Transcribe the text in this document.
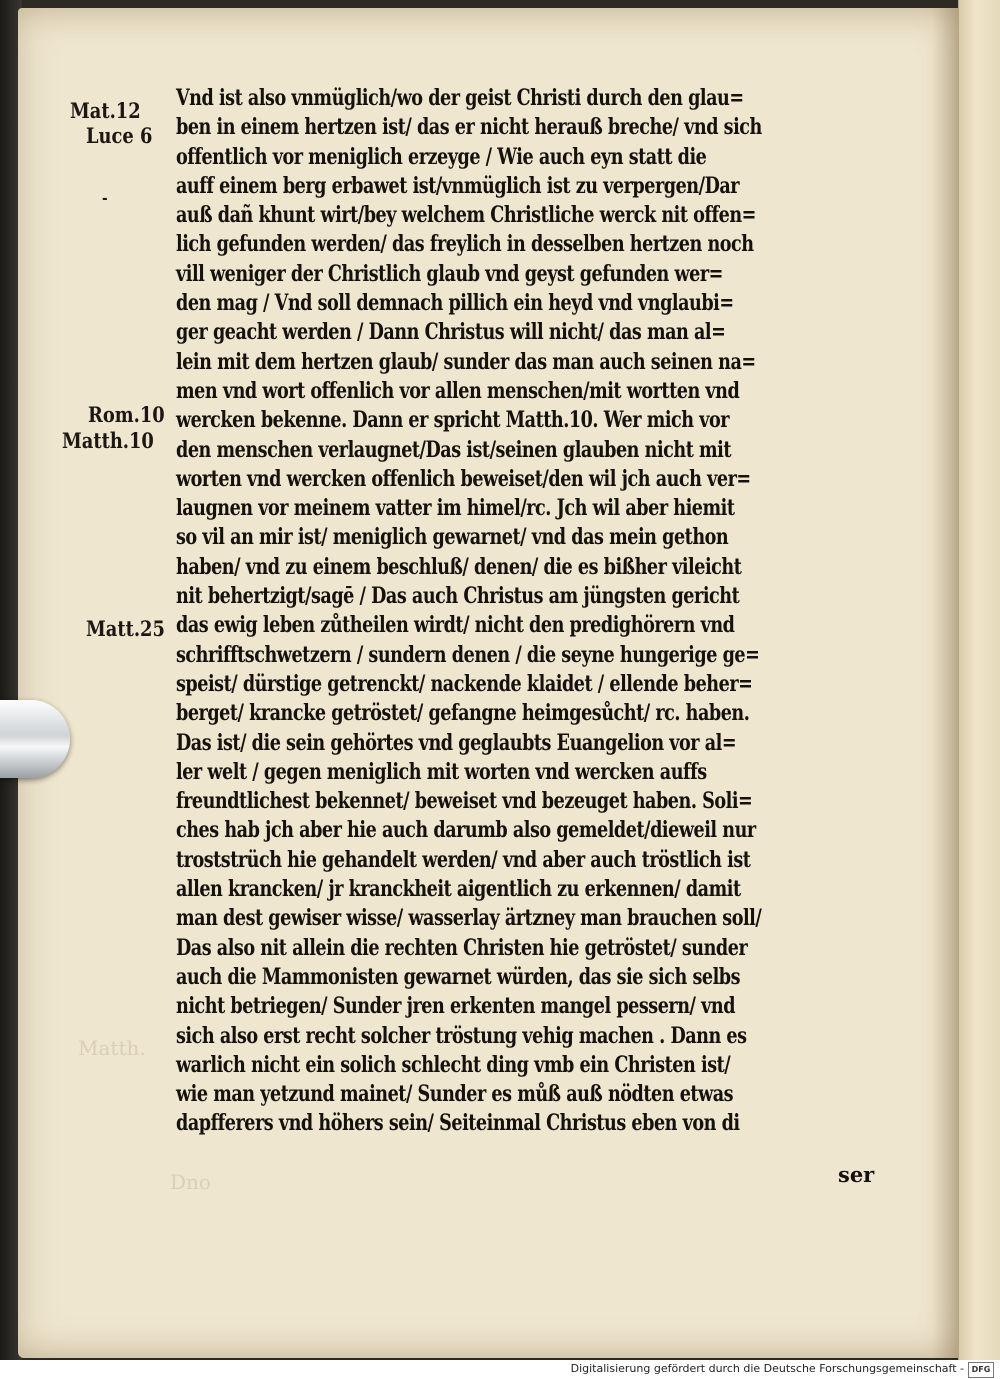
Matth.
Dno
Mat.12
Luce 6
-
Rom.10
Matth.10
Matt.25
Vnd ist also vnmüglich/wo der geist Christi durch den glau=
ben in einem hertzen ist/ das er nicht herauß breche/ vnd sich
offentlich vor meniglich erzeyge / Wie auch eyn statt die
auff einem berg erbawet ist/vnmüglich ist zu verpergen/Dar
auß dañ khunt wirt/bey welchem Christliche werck nit offen=
lich gefunden werden/ das freylich in desselben hertzen noch
vill weniger der Christlich glaub vnd geyst gefunden wer=
den mag / Vnd soll demnach pillich ein heyd vnd vnglaubi=
ger geacht werden / Dann Christus will nicht/ das man al=
lein mit dem hertzen glaub/ sunder das man auch seinen na=
men vnd wort offenlich vor allen menschen/mit wortten vnd
wercken bekenne. Dann er spricht Matth.10. Wer mich vor
den menschen verlaugnet/Das ist/seinen glauben nicht mit
worten vnd wercken offenlich beweiset/den wil jch auch ver=
laugnen vor meinem vatter im himel/rc. Jch wil aber hiemit
so vil an mir ist/ meniglich gewarnet/ vnd das mein gethon
haben/ vnd zu einem beschluß/ denen/ die es bißher vileicht
nit behertzigt/sagē / Das auch Christus am jüngsten gericht
das ewig leben zůtheilen wirdt/ nicht den predighörern vnd
schrifftschwetzern / sundern denen / die seyne hungerige ge=
speist/ dürstige getrenckt/ nackende klaidet / ellende beher=
berget/ krancke getröstet/ gefangne heimgesůcht/ rc. haben.
Das ist/ die sein gehörtes vnd geglaubts Euangelion vor al=
ler welt / gegen meniglich mit worten vnd wercken auffs
freundtlichest bekennet/ beweiset vnd bezeuget haben. Soli=
ches hab jch aber hie auch darumb also gemeldet/dieweil nur
troststrüch hie gehandelt werden/ vnd aber auch tröstlich ist
allen krancken/ jr kranckheit aigentlich zu erkennen/ damit
man dest gewiser wisse/ wasserlay ärtzney man brauchen soll/
Das also nit allein die rechten Christen hie getröstet/ sunder
auch die Mammonisten gewarnet würden, das sie sich selbs
nicht betriegen/ Sunder jren erkenten mangel pessern/ vnd
sich also erst recht solcher tröstung vehig machen . Dann es
warlich nicht ein solich schlecht ding vmb ein Christen ist/
wie man yetzund mainet/ Sunder es můß auß nödten etwas
dapfferers vnd höhers sein/ Seiteinmal Christus eben von di
ser
Digitalisierung gefördert durch die Deutsche Forschungsgemeinschaft - DFG
